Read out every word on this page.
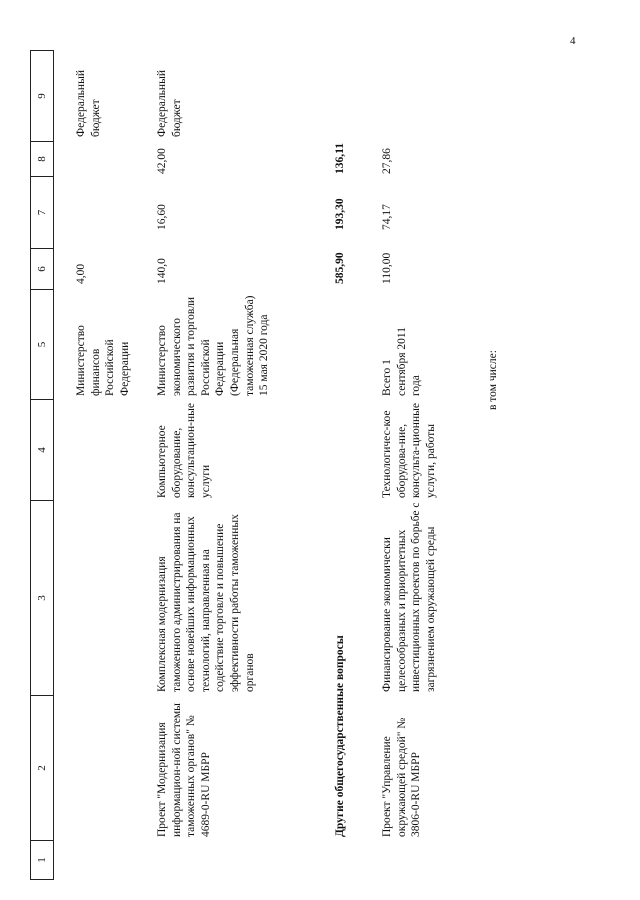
4
1
2
3
4
5
6
7
8
9
Министерство финансов Российской Федерации
4,00
Федеральный бюджет
Проект "Модернизация информацион-ной системы таможенных органов" № 4689-0-RU МБРР
Комплексная модернизация таможенного администрирования на основе новейших информационных технологий, направленная на содействие торговле и повышение эффективности работы таможенных органов
Компьютерное оборудование, консультацион-ные услуги
Министерство экономического развития и торговли Российской Федерации (Федеральная таможенная служба) 15 мая 2020 года
140,0
16,60
42,00
Федеральный бюджет
Другие общегосударственные вопросы
585,90
193,30
136,11
Проект "Управление окружающей средой" № 3806-0-RU МБРР
Финансирование экономически целесообразных и приоритетных инвестиционных проектов по борьбе с загрязнением окружающей среды
Технологичес-кое оборудова-ние, консульта-ционные услуги, работы
Всего 1 сентября 2011 года	в том числе:
110,00
74,17
27,86
